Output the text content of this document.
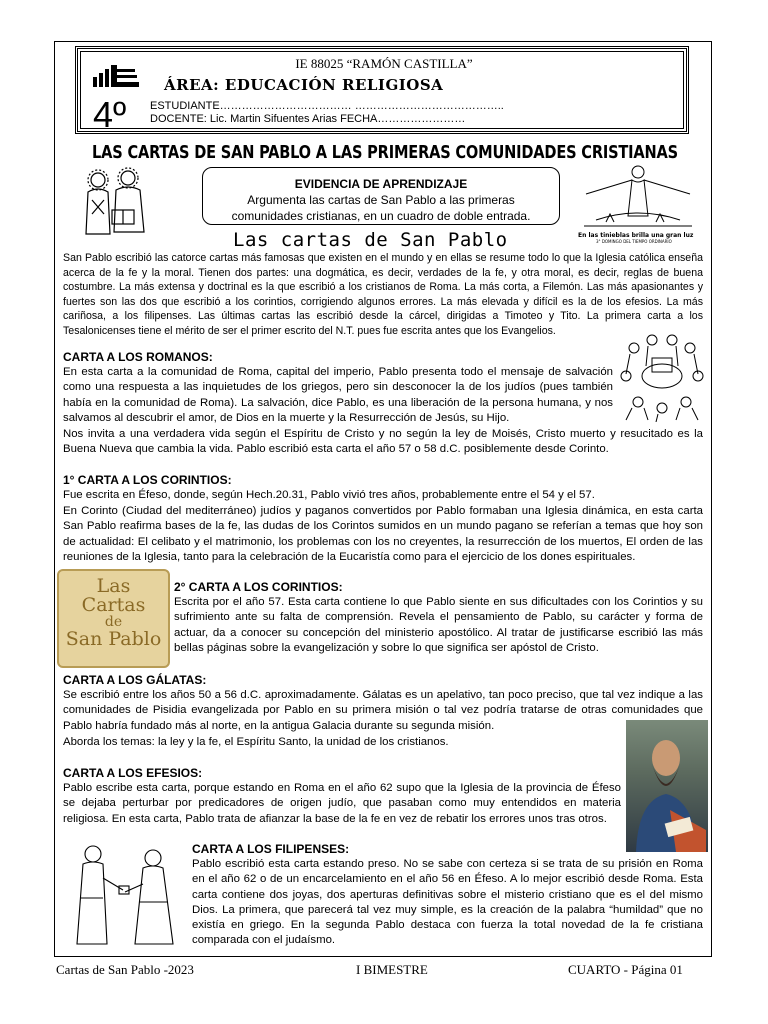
IE 88025 “RAMÓN CASTILLA”
ÁREA: EDUCACIÓN RELIGIOSA
4º ESTUDIANTE……………………………… …………………………………..
DOCENTE: Lic. Martin Sifuentes Arias FECHA……………………
LAS CARTAS DE SAN PABLO A LAS PRIMERAS COMUNIDADES CRISTIANAS
En las tinieblas brilla una gran luz
3° DOMINGO DEL TIEMPO ORDINARIO
EVIDENCIA DE APRENDIZAJE
Argumenta las cartas de San Pablo a las primeras
comunidades cristianas, en un cuadro de doble entrada.
Las cartas de San Pablo
San Pablo escribió las catorce cartas más famosas que existen en el mundo y en ellas se resume todo lo que la Iglesia católica enseña acerca de la fe y la moral. Tienen dos partes: una dogmática, es decir, verdades de la fe, y otra moral, es decir, reglas de buena costumbre. La más extensa y doctrinal es la que escribió a los cristianos de Roma. La más corta, a Filemón. Las más apasionantes y fuertes son las dos que escribió a los corintios, corrigiendo algunos errores. La más elevada y difícil es la de los efesios. La más cariñosa, a los filipenses. Las últimas cartas las escribió desde la cárcel, dirigidas a Timoteo y Tito. La primera carta a los Tesalonicenses tiene el mérito de ser el primer escrito del N.T. pues fue escrita antes que los Evangelios.
CARTA A LOS ROMANOS:
En esta carta a la comunidad de Roma, capital del imperio, Pablo presenta todo el mensaje de salvación como una respuesta a las inquietudes de los griegos, pero sin desconocer la de los judíos (pues también había en la comunidad de Roma). La salvación, dice Pablo, es una liberación de la persona humana, y nos salvamos al descubrir el amor, de Dios en la muerte y la Resurrección de Jesús, su Hijo.
Nos invita a una verdadera vida según el Espíritu de Cristo y no según la ley de Moisés, Cristo muerto y resucitado es la Buena Nueva que cambia la vida. Pablo escribió esta carta el año 57 o 58 d.C. posiblemente desde Corinto.
1° CARTA A LOS CORINTIOS:
Fue escrita en Éfeso, donde, según Hech.20.31, Pablo vivió tres años, probablemente entre el 54 y el 57.
En Corinto (Ciudad del mediterráneo) judíos y paganos convertidos por Pablo formaban una Iglesia dinámica, en esta carta San Pablo reafirma bases de la fe, las dudas de los Corintos sumidos en un mundo pagano se referían a temas que hoy son de actualidad: El celibato y el matrimonio, los problemas con los no creyentes, la resurrección de los muertos, El orden de las reuniones de la Iglesia, tanto para la celebración de la Eucaristía como para el ejercicio de los dones espirituales.
Las
Cartas
de
San Pablo
2° CARTA A LOS CORINTIOS:
Escrita por el año 57. Esta carta contiene lo que Pablo siente en sus dificultades con los Corintios y su sufrimiento ante su falta de comprensión. Revela el pensamiento de Pablo, su carácter y forma de actuar, da a conocer su concepción del ministerio apostólico. Al tratar de justificarse escribió las más bellas páginas sobre la evangelización y sobre lo que significa ser apóstol de Cristo.
CARTA A LOS GÁLATAS:
Se escribió entre los años 50 a 56 d.C. aproximadamente. Gálatas es un apelativo, tan poco preciso, que tal vez indique a las comunidades de Pisidia evangelizada por Pablo en su primera misión o tal vez podría tratarse de otras comunidades que Pablo habría fundado más al norte, en la antigua Galacia durante su segunda misión.
Aborda los temas: la ley y la fe, el Espíritu Santo, la unidad de los cristianos.
CARTA A LOS EFESIOS:
Pablo escribe esta carta, porque estando en Roma en el año 62 supo que la Iglesia de la provincia de Éfeso se dejaba perturbar por predicadores de origen judío, que pasaban como muy entendidos en materia religiosa. En esta carta, Pablo trata de afianzar la base de la fe en vez de rebatir los errores unos tras otros.
CARTA A LOS FILIPENSES:
Pablo escribió esta carta estando preso. No se sabe con certeza si se trata de su prisión en Roma en el año 62 o de un encarcelamiento en el año 56 en Éfeso. A lo mejor escribió desde Roma. Esta carta contiene dos joyas, dos aperturas definitivas sobre el misterio cristiano que es el del mismo Dios. La primera, que parecerá tal vez muy simple, es la creación de la palabra “humildad” que no existía en griego. En la segunda Pablo destaca con fuerza la total novedad de la fe cristiana comparada con el judaísmo.
Cartas de San Pablo -2023	I BIMESTRE	CUARTO - Página 01
